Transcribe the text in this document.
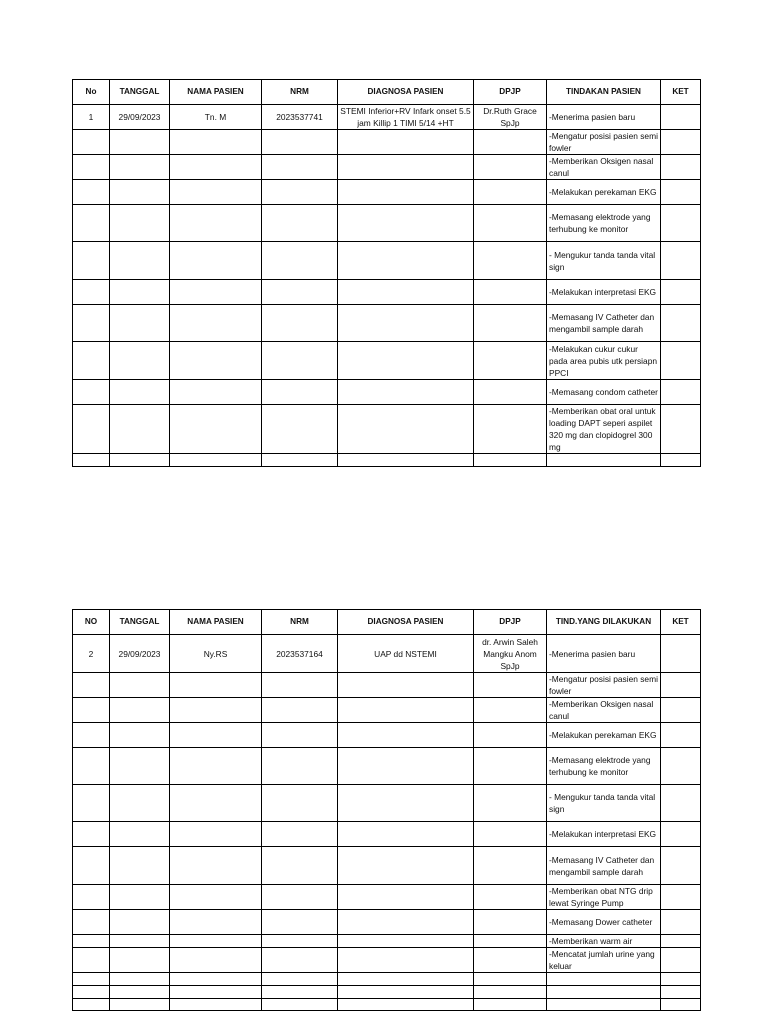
No	TANGGAL	NAMA PASIEN	NRM	DIAGNOSA PASIEN	DPJP	TINDAKAN PASIEN	KET
1	29/09/2023	Tn. M	2023537741	STEMI Inferior+RV Infark onset 5.5 jam Killip 1 TIMI 5/14 +HT	Dr.Ruth Grace SpJp	-Menerima pasien baru	
						-Mengatur posisi pasien semi fowler	
						-Memberikan Oksigen nasal canul	
						-Melakukan perekaman EKG	
						-Memasang elektrode yang terhubung ke monitor	
						- Mengukur tanda tanda vital sign	
						-Melakukan interpretasi EKG	
						-Memasang IV Catheter dan mengambil sample darah	
						-Melakukan cukur cukur pada area pubis utk persiapn PPCI	
						-Memasang condom catheter	
						-Memberikan obat oral untuk loading DAPT seperi aspilet 320 mg dan clopidogrel 300 mg	

NO	TANGGAL	NAMA PASIEN	NRM	DIAGNOSA PASIEN	DPJP	TIND.YANG DILAKUKAN	KET
2	29/09/2023	Ny.RS	2023537164	UAP dd NSTEMI	dr. Arwin Saleh Mangku Anom SpJp	-Menerima pasien baru	
						-Mengatur posisi pasien semi fowler	
						-Memberikan Oksigen nasal canul	
						-Melakukan perekaman EKG	
						-Memasang elektrode yang terhubung ke monitor	
						- Mengukur tanda tanda vital sign	
						-Melakukan interpretasi EKG	
						-Memasang IV Catheter dan mengambil sample darah	
						-Memberikan obat NTG drip lewat Syringe Pump	
						-Memasang Dower catheter	
						-Memberikan warm air	
						-Mencatat jumlah urine yang keluar	
